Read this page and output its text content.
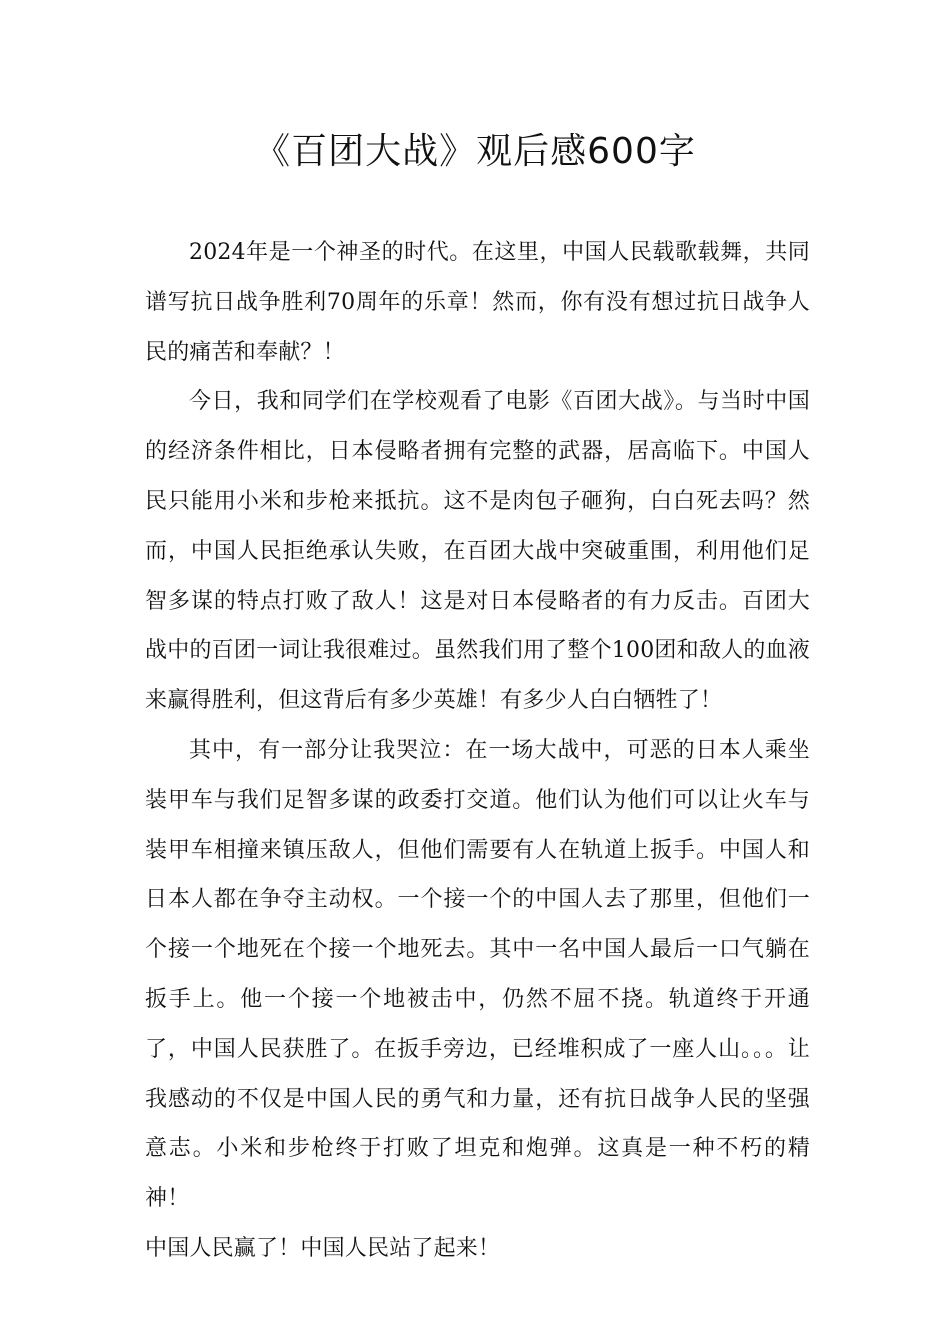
《百团大战》观后感600字

2024年是一个神圣的时代。在这里，中国人民载歌载舞，共同谱写抗日战争胜利70周年的乐章！然而，你有没有想过抗日战争人民的痛苦和奉献？！

今日，我和同学们在学校观看了电影《百团大战》。与当时中国的经济条件相比，日本侵略者拥有完整的武器，居高临下。中国人民只能用小米和步枪来抵抗。这不是肉包子砸狗，白白死去吗？然而，中国人民拒绝承认失败，在百团大战中突破重围，利用他们足智多谋的特点打败了敌人！这是对日本侵略者的有力反击。百团大战中的百团一词让我很难过。虽然我们用了整个100团和敌人的血液来赢得胜利，但这背后有多少英雄！有多少人白白牺牲了！

其中，有一部分让我哭泣：在一场大战中，可恶的日本人乘坐装甲车与我们足智多谋的政委打交道。他们认为他们可以让火车与装甲车相撞来镇压敌人，但他们需要有人在轨道上扳手。中国人和日本人都在争夺主动权。一个接一个的中国人去了那里，但他们一个接一个地死在个接一个地死去。其中一名中国人最后一口气躺在扳手上。他一个接一个地被击中，仍然不屈不挠。轨道终于开通了，中国人民获胜了。在扳手旁边，已经堆积成了一座人山。。。让我感动的不仅是中国人民的勇气和力量，还有抗日战争人民的坚强意志。小米和步枪终于打败了坦克和炮弹。这真是一种不朽的精神！

中国人民赢了！中国人民站了起来！
